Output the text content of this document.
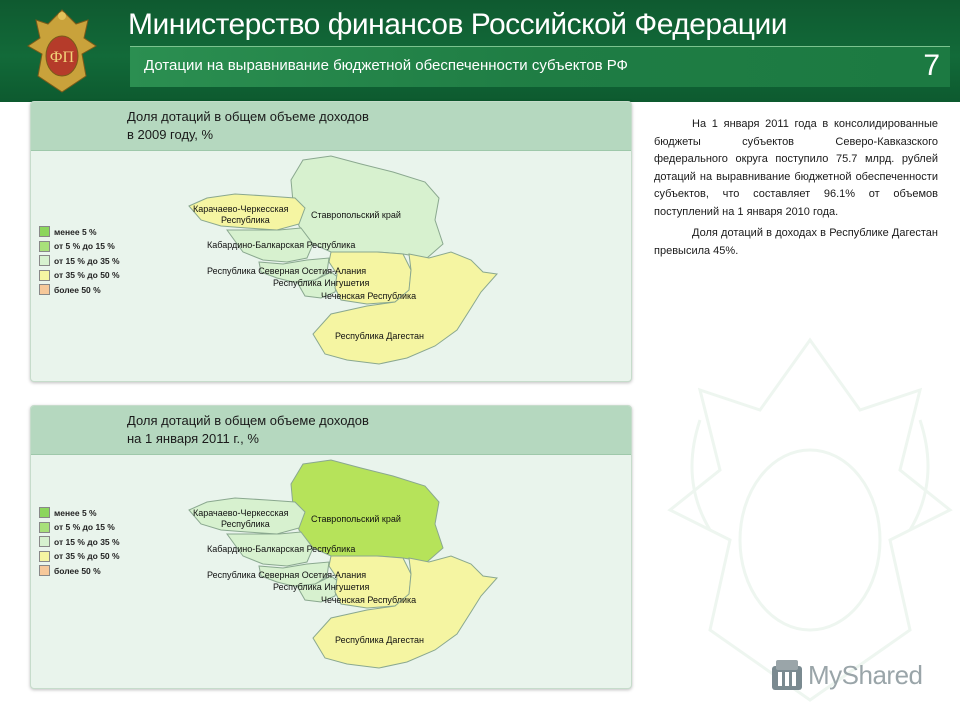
ФП
Министерство финансов Российской Федерации
Дотации на выравнивание бюджетной обеспеченности субъектов РФ	7
Доля дотаций в общем объеме доходов
в 2009 году, %
Карачаево-Черкесская Республика	Ставропольский край
Кабардино-Балкарская Республика
Республика Северная Осетия-Алания
Республика Ингушетия
Чеченская Республика
Республика Дагестан
менее 5 %
от 5 % до 15 %
от 15 % до 35 %
от 35 % до 50 %
более 50 %
Доля дотаций в общем объеме доходов
на 1 января 2011 г., %
Карачаево-Черкесская Республика	Ставропольский край
Кабардино-Балкарская Республика
Республика Северная Осетия-Алания
Республика Ингушетия
Чеченская Республика
Республика Дагестан
менее 5 %
от 5 % до 15 %
от 15 % до 35 %
от 35 % до 50 %
более 50 %

На 1 января 2011 года в консолидированные бюджеты субъектов Северо-Кавказского федерального округа поступило 75.7 млрд. рублей дотаций на выравнивание бюджетной обеспеченности субъектов, что составляет 96.1% от объемов поступлений на 1 января 2010 года.

Доля дотаций в доходах в Республике Дагестан превысила 45%.

MyShared
